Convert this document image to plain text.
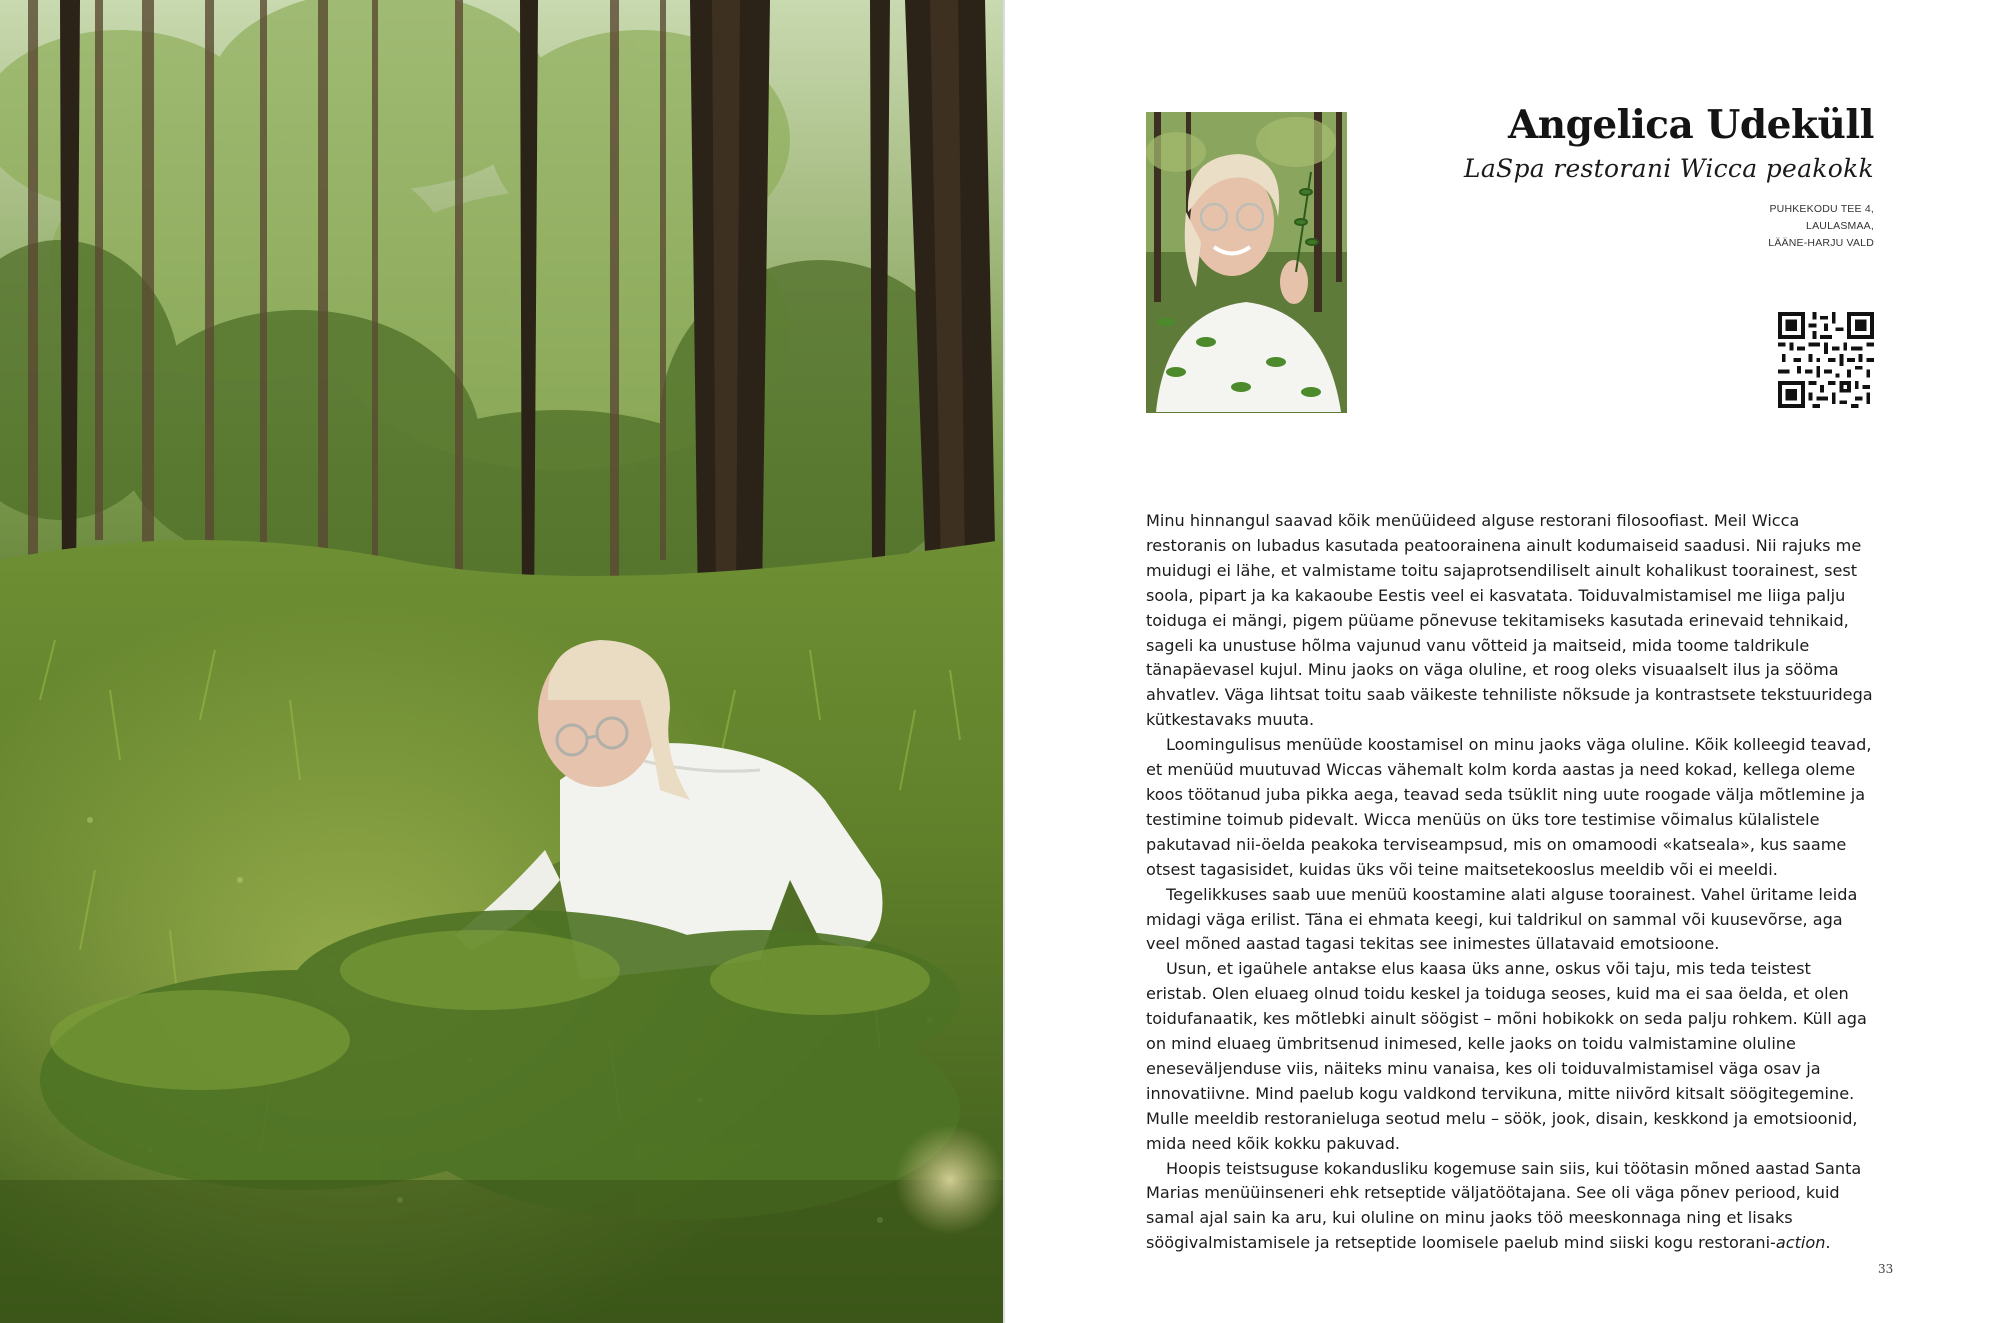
Angelica Udeküll
LaSpa restorani Wicca peakokk
PUHKEKODU TEE 4,
LAULASMAA,
LÄÄNE-HARJU VALD

Minu hinnangul saavad kõik menüüideed alguse restorani filosoofiast. Meil Wicca restoranis on lubadus kasutada peatoorainena ainult kodumaiseid saadusi. Nii rajuks me muidugi ei lähe, et valmistame toitu sajaprotsendiliselt ainult kohalikust toorainest, sest soola, pipart ja ka kakaoube Eestis veel ei kasvatata. Toiduvalmistamisel me liiga palju toiduga ei mängi, pigem püüame põnevuse tekitamiseks kasutada erinevaid tehnikaid, sageli ka unustuse hõlma vajunud vanu võtteid ja maitseid, mida toome taldrikule tänapäevasel kujul. Minu jaoks on väga oluline, et roog oleks visuaalselt ilus ja sööma ahvatlev. Väga lihtsat toitu saab väikeste tehniliste nõksude ja kontrastsete tekstuuridega kütkestavaks muuta.

Loomingulisus menüüde koostamisel on minu jaoks väga oluline. Kõik kolleegid teavad, et menüüd muutuvad Wiccas vähemalt kolm korda aastas ja need kokad, kellega oleme koos töötanud juba pikka aega, teavad seda tsüklit ning uute roogade välja mõtlemine ja testimine toimub pidevalt. Wicca menüüs on üks tore testimise võimalus külalistele pakutavad nii-öelda peakoka terviseampsud, mis on omamoodi «katseala», kus saame otsest tagasisidet, kuidas üks või teine maitsetekooslus meeldib või ei meeldi.

Tegelikkuses saab uue menüü koostamine alati alguse toorainest. Vahel üritame leida midagi väga erilist. Täna ei ehmata keegi, kui taldrikul on sammal või kuusevõrse, aga veel mõned aastad tagasi tekitas see inimestes üllatavaid emotsioone.

Usun, et igaühele antakse elus kaasa üks anne, oskus või taju, mis teda teistest eristab. Olen eluaeg olnud toidu keskel ja toiduga seoses, kuid ma ei saa öelda, et olen toidufanaatik, kes mõtlebki ainult söögist – mõni hobikokk on seda palju rohkem. Küll aga on mind eluaeg ümbritsenud inimesed, kelle jaoks on toidu valmistamine oluline eneseväljenduse viis, näiteks minu vanaisa, kes oli toiduvalmistamisel väga osav ja innovatiivne. Mind paelub kogu valdkond tervikuna, mitte niivõrd kitsalt söögitegemine. Mulle meeldib restoranieluga seotud melu – söök, jook, disain, keskkond ja emotsioonid, mida need kõik kokku pakuvad.

Hoopis teistsuguse kokandusliku kogemuse sain siis, kui töötasin mõned aastad Santa Marias menüüinseneri ehk retseptide väljatöötajana. See oli väga põnev periood, kuid samal ajal sain ka aru, kui oluline on minu jaoks töö meeskonnaga ning et lisaks söögivalmistamisele ja retseptide loomisele paelub mind siiski kogu restorani-action.

33
